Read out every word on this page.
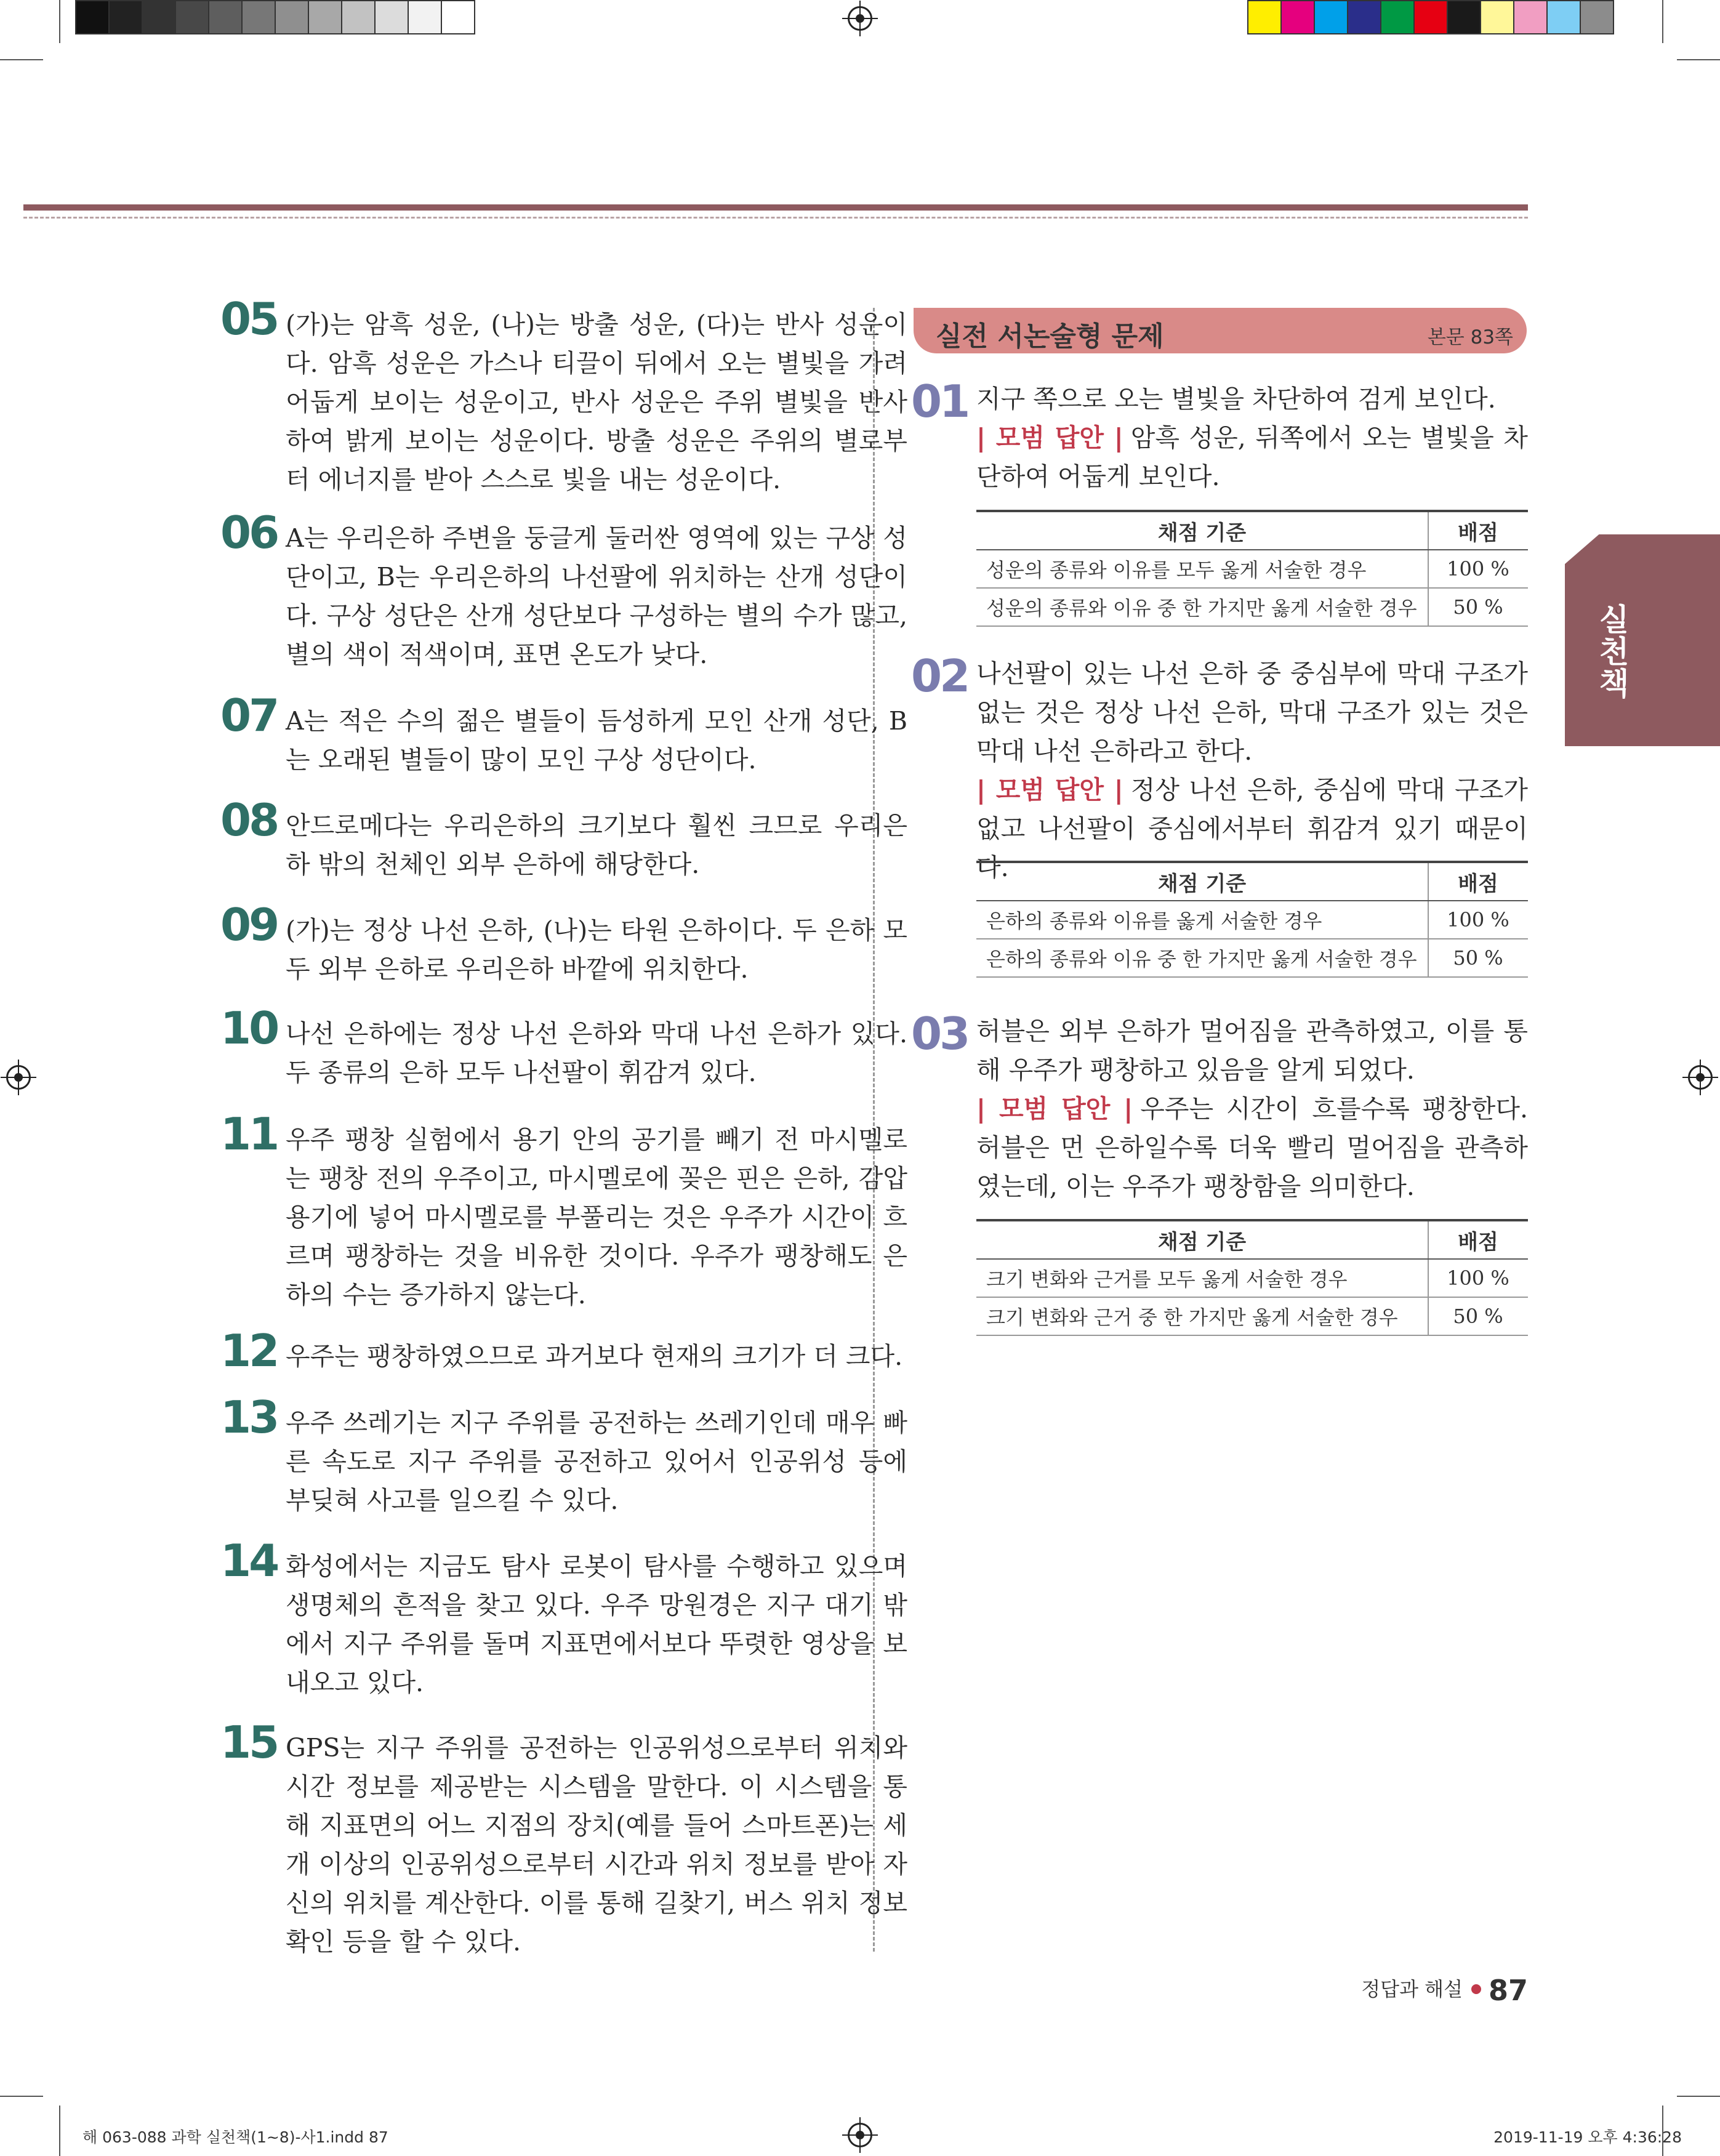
05 (가)는 암흑 성운, (나)는 방출 성운, (다)는 반사 성운이다. 암흑 성운은 가스나 티끌이 뒤에서 오는 별빛을 가려 어둡게 보이는 성운이고, 반사 성운은 주위 별빛을 반사하여 밝게 보이는 성운이다. 방출 성운은 주위의 별로부터 에너지를 받아 스스로 빛을 내는 성운이다.
06 A는 우리은하 주변을 둥글게 둘러싼 영역에 있는 구상 성단이고, B는 우리은하의 나선팔에 위치하는 산개 성단이다. 구상 성단은 산개 성단보다 구성하는 별의 수가 많고, 별의 색이 적색이며, 표면 온도가 낮다.
07 A는 적은 수의 젊은 별들이 듬성하게 모인 산개 성단, B는 오래된 별들이 많이 모인 구상 성단이다.
08 안드로메다는 우리은하의 크기보다 훨씬 크므로 우리은하 밖의 천체인 외부 은하에 해당한다.
09 (가)는 정상 나선 은하, (나)는 타원 은하이다. 두 은하 모두 외부 은하로 우리은하 바깥에 위치한다.
10 나선 은하에는 정상 나선 은하와 막대 나선 은하가 있다. 두 종류의 은하 모두 나선팔이 휘감겨 있다.
11 우주 팽창 실험에서 용기 안의 공기를 빼기 전 마시멜로는 팽창 전의 우주이고, 마시멜로에 꽂은 핀은 은하, 감압 용기에 넣어 마시멜로를 부풀리는 것은 우주가 시간이 흐르며 팽창하는 것을 비유한 것이다. 우주가 팽창해도 은하의 수는 증가하지 않는다.
12 우주는 팽창하였으므로 과거보다 현재의 크기가 더 크다.
13 우주 쓰레기는 지구 주위를 공전하는 쓰레기인데 매우 빠른 속도로 지구 주위를 공전하고 있어서 인공위성 등에 부딪혀 사고를 일으킬 수 있다.
14 화성에서는 지금도 탐사 로봇이 탐사를 수행하고 있으며 생명체의 흔적을 찾고 있다. 우주 망원경은 지구 대기 밖에서 지구 주위를 돌며 지표면에서보다 뚜렷한 영상을 보내오고 있다.
15 GPS는 지구 주위를 공전하는 인공위성으로부터 위치와 시간 정보를 제공받는 시스템을 말한다. 이 시스템을 통해 지표면의 어느 지점의 장치(예를 들어 스마트폰)는 세 개 이상의 인공위성으로부터 시간과 위치 정보를 받아 자신의 위치를 계산한다. 이를 통해 길찾기, 버스 위치 정보 확인 등을 할 수 있다.
실전 서논술형 문제	본문 83쪽
01 지구 쪽으로 오는 별빛을 차단하여 검게 보인다.
| 모범 답안 | 암흑 성운, 뒤쪽에서 오는 별빛을 차단하여 어둡게 보인다.
채점 기준	배점
성운의 종류와 이유를 모두 옳게 서술한 경우	100 %
성운의 종류와 이유 중 한 가지만 옳게 서술한 경우	50 %
02 나선팔이 있는 나선 은하 중 중심부에 막대 구조가 없는 것은 정상 나선 은하, 막대 구조가 있는 것은 막대 나선 은하라고 한다.
| 모범 답안 | 정상 나선 은하, 중심에 막대 구조가 없고 나선팔이 중심에서부터 휘감겨 있기 때문이다.
채점 기준	배점
은하의 종류와 이유를 옳게 서술한 경우	100 %
은하의 종류와 이유 중 한 가지만 옳게 서술한 경우	50 %
03 허블은 외부 은하가 멀어짐을 관측하였고, 이를 통해 우주가 팽창하고 있음을 알게 되었다.
| 모범 답안 | 우주는 시간이 흐를수록 팽창한다. 허블은 먼 은하일수록 더욱 빨리 멀어짐을 관측하였는데, 이는 우주가 팽창함을 의미한다.
채점 기준	배점
크기 변화와 근거를 모두 옳게 서술한 경우	100 %
크기 변화와 근거 중 한 가지만 옳게 서술한 경우	50 %
실천책
정답과 해설 87
해 063-088 과학 실천책(1~8)-사1.indd 87	2019-11-19 오후 4:36:28
